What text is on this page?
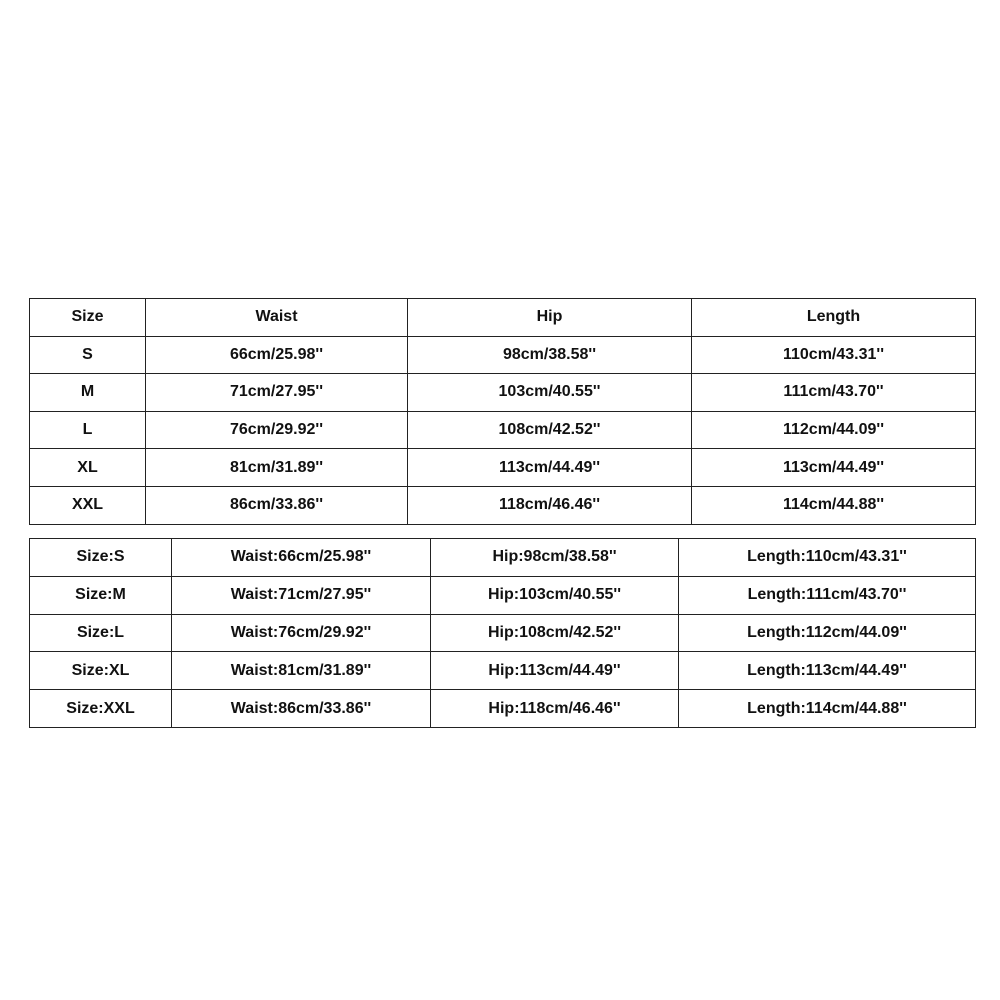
Size	Waist	Hip	Length
S	66cm/25.98''	98cm/38.58''	110cm/43.31''
M	71cm/27.95''	103cm/40.55''	111cm/43.70''
L	76cm/29.92''	108cm/42.52''	112cm/44.09''
XL	81cm/31.89''	113cm/44.49''	113cm/44.49''
XXL	86cm/33.86''	118cm/46.46''	114cm/44.88''
Size:S	Waist:66cm/25.98''	Hip:98cm/38.58''	Length:110cm/43.31''
Size:M	Waist:71cm/27.95''	Hip:103cm/40.55''	Length:111cm/43.70''
Size:L	Waist:76cm/29.92''	Hip:108cm/42.52''	Length:112cm/44.09''
Size:XL	Waist:81cm/31.89''	Hip:113cm/44.49''	Length:113cm/44.49''
Size:XXL	Waist:86cm/33.86''	Hip:118cm/46.46''	Length:114cm/44.88''
